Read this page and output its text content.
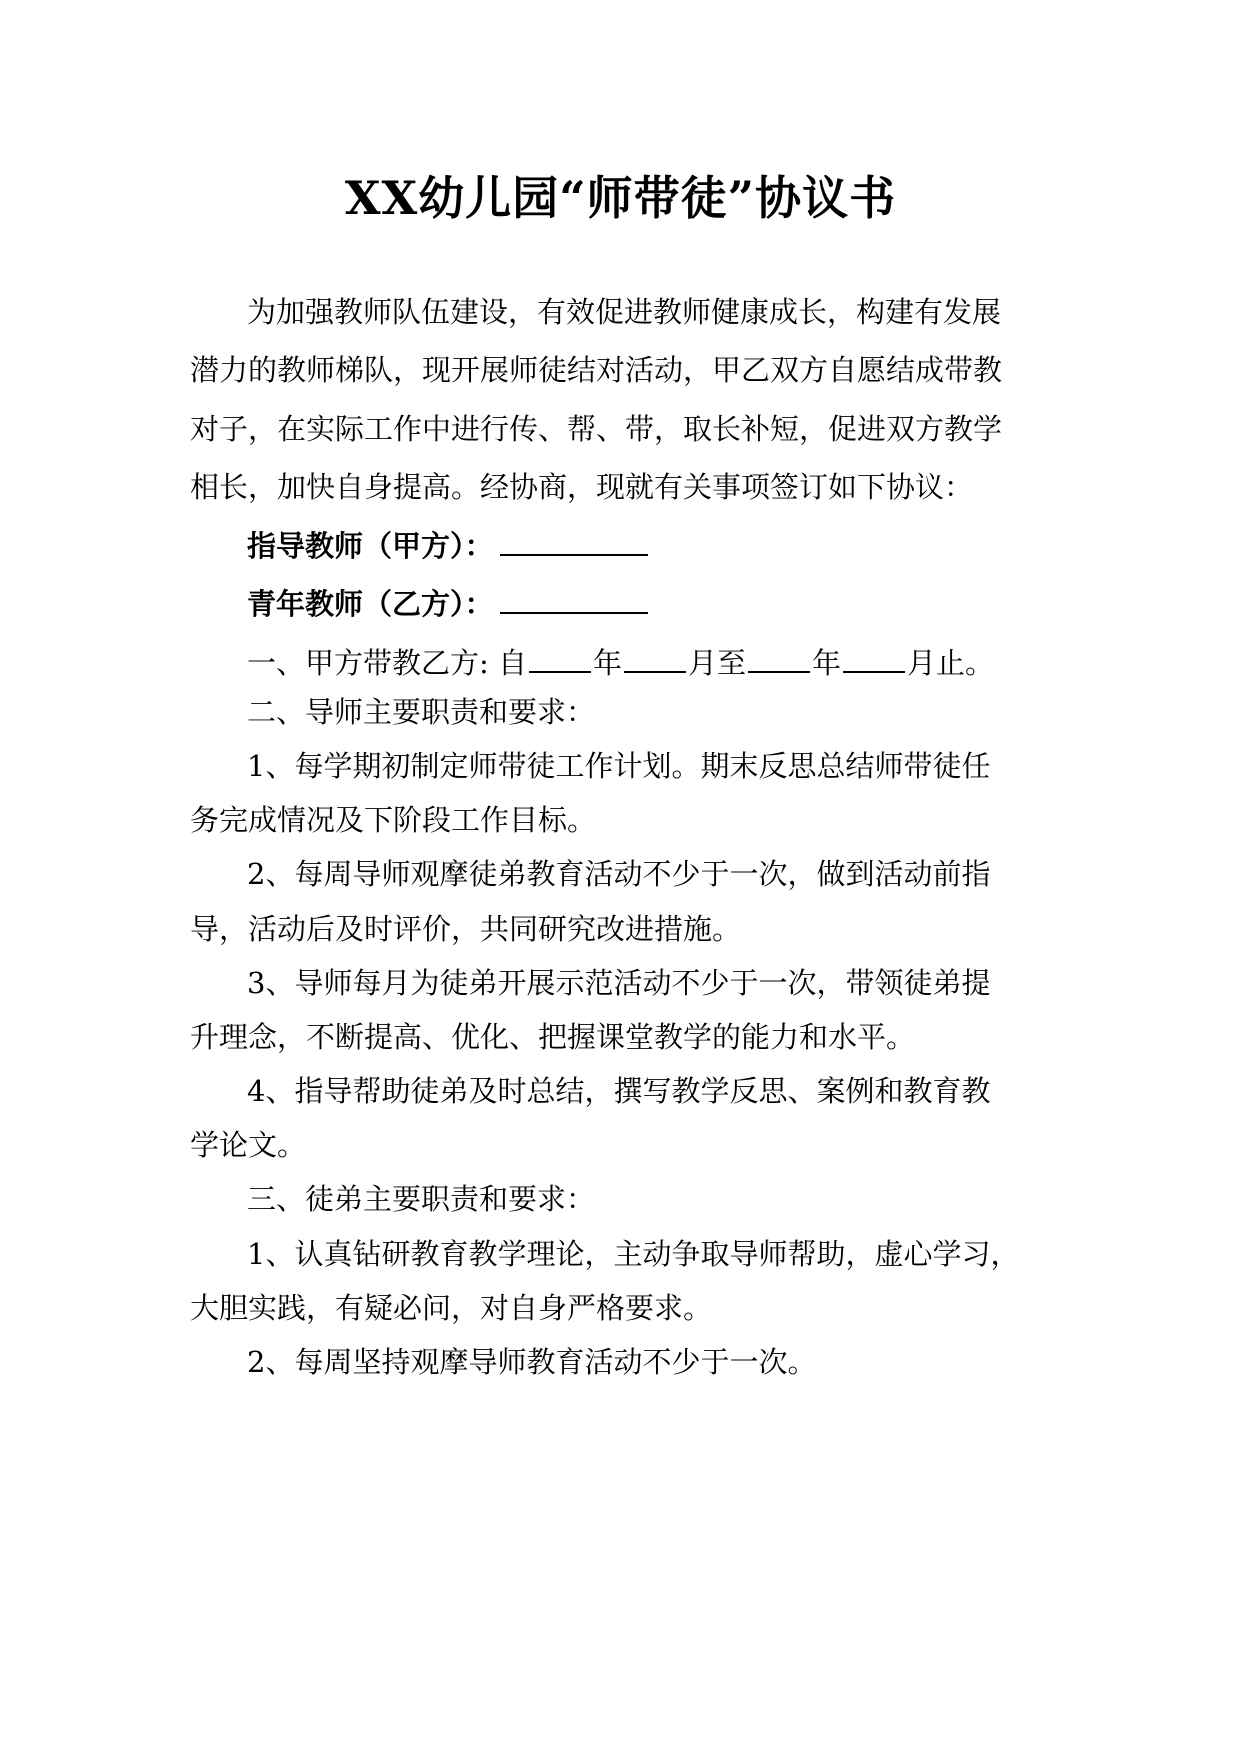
XX幼儿园“师带徒”协议书
为加强教师队伍建设，有效促进教师健康成长，构建有发展
潜力的教师梯队，现开展师徒结对活动，甲乙双方自愿结成带教
对子，在实际工作中进行传、帮、带，取长补短，促进双方教学
相长，加快自身提高。经协商，现就有关事项签订如下协议：
指导教师（甲方）：
青年教师（乙方）：
一、甲方带教乙方: 自 年 月至 年 月止。
二、导师主要职责和要求：
1、每学期初制定师带徒工作计划。期末反思总结师带徒任
务完成情况及下阶段工作目标。
2、每周导师观摩徒弟教育活动不少于一次，做到活动前指
导，活动后及时评价，共同研究改进措施。
3、导师每月为徒弟开展示范活动不少于一次，带领徒弟提
升理念，不断提高、优化、把握课堂教学的能力和水平。
4、指导帮助徒弟及时总结，撰写教学反思、案例和教育教
学论文。
三、徒弟主要职责和要求：
1、认真钻研教育教学理论，主动争取导师帮助，虚心学习，
大胆实践，有疑必问，对自身严格要求。
2、每周坚持观摩导师教育活动不少于一次。
